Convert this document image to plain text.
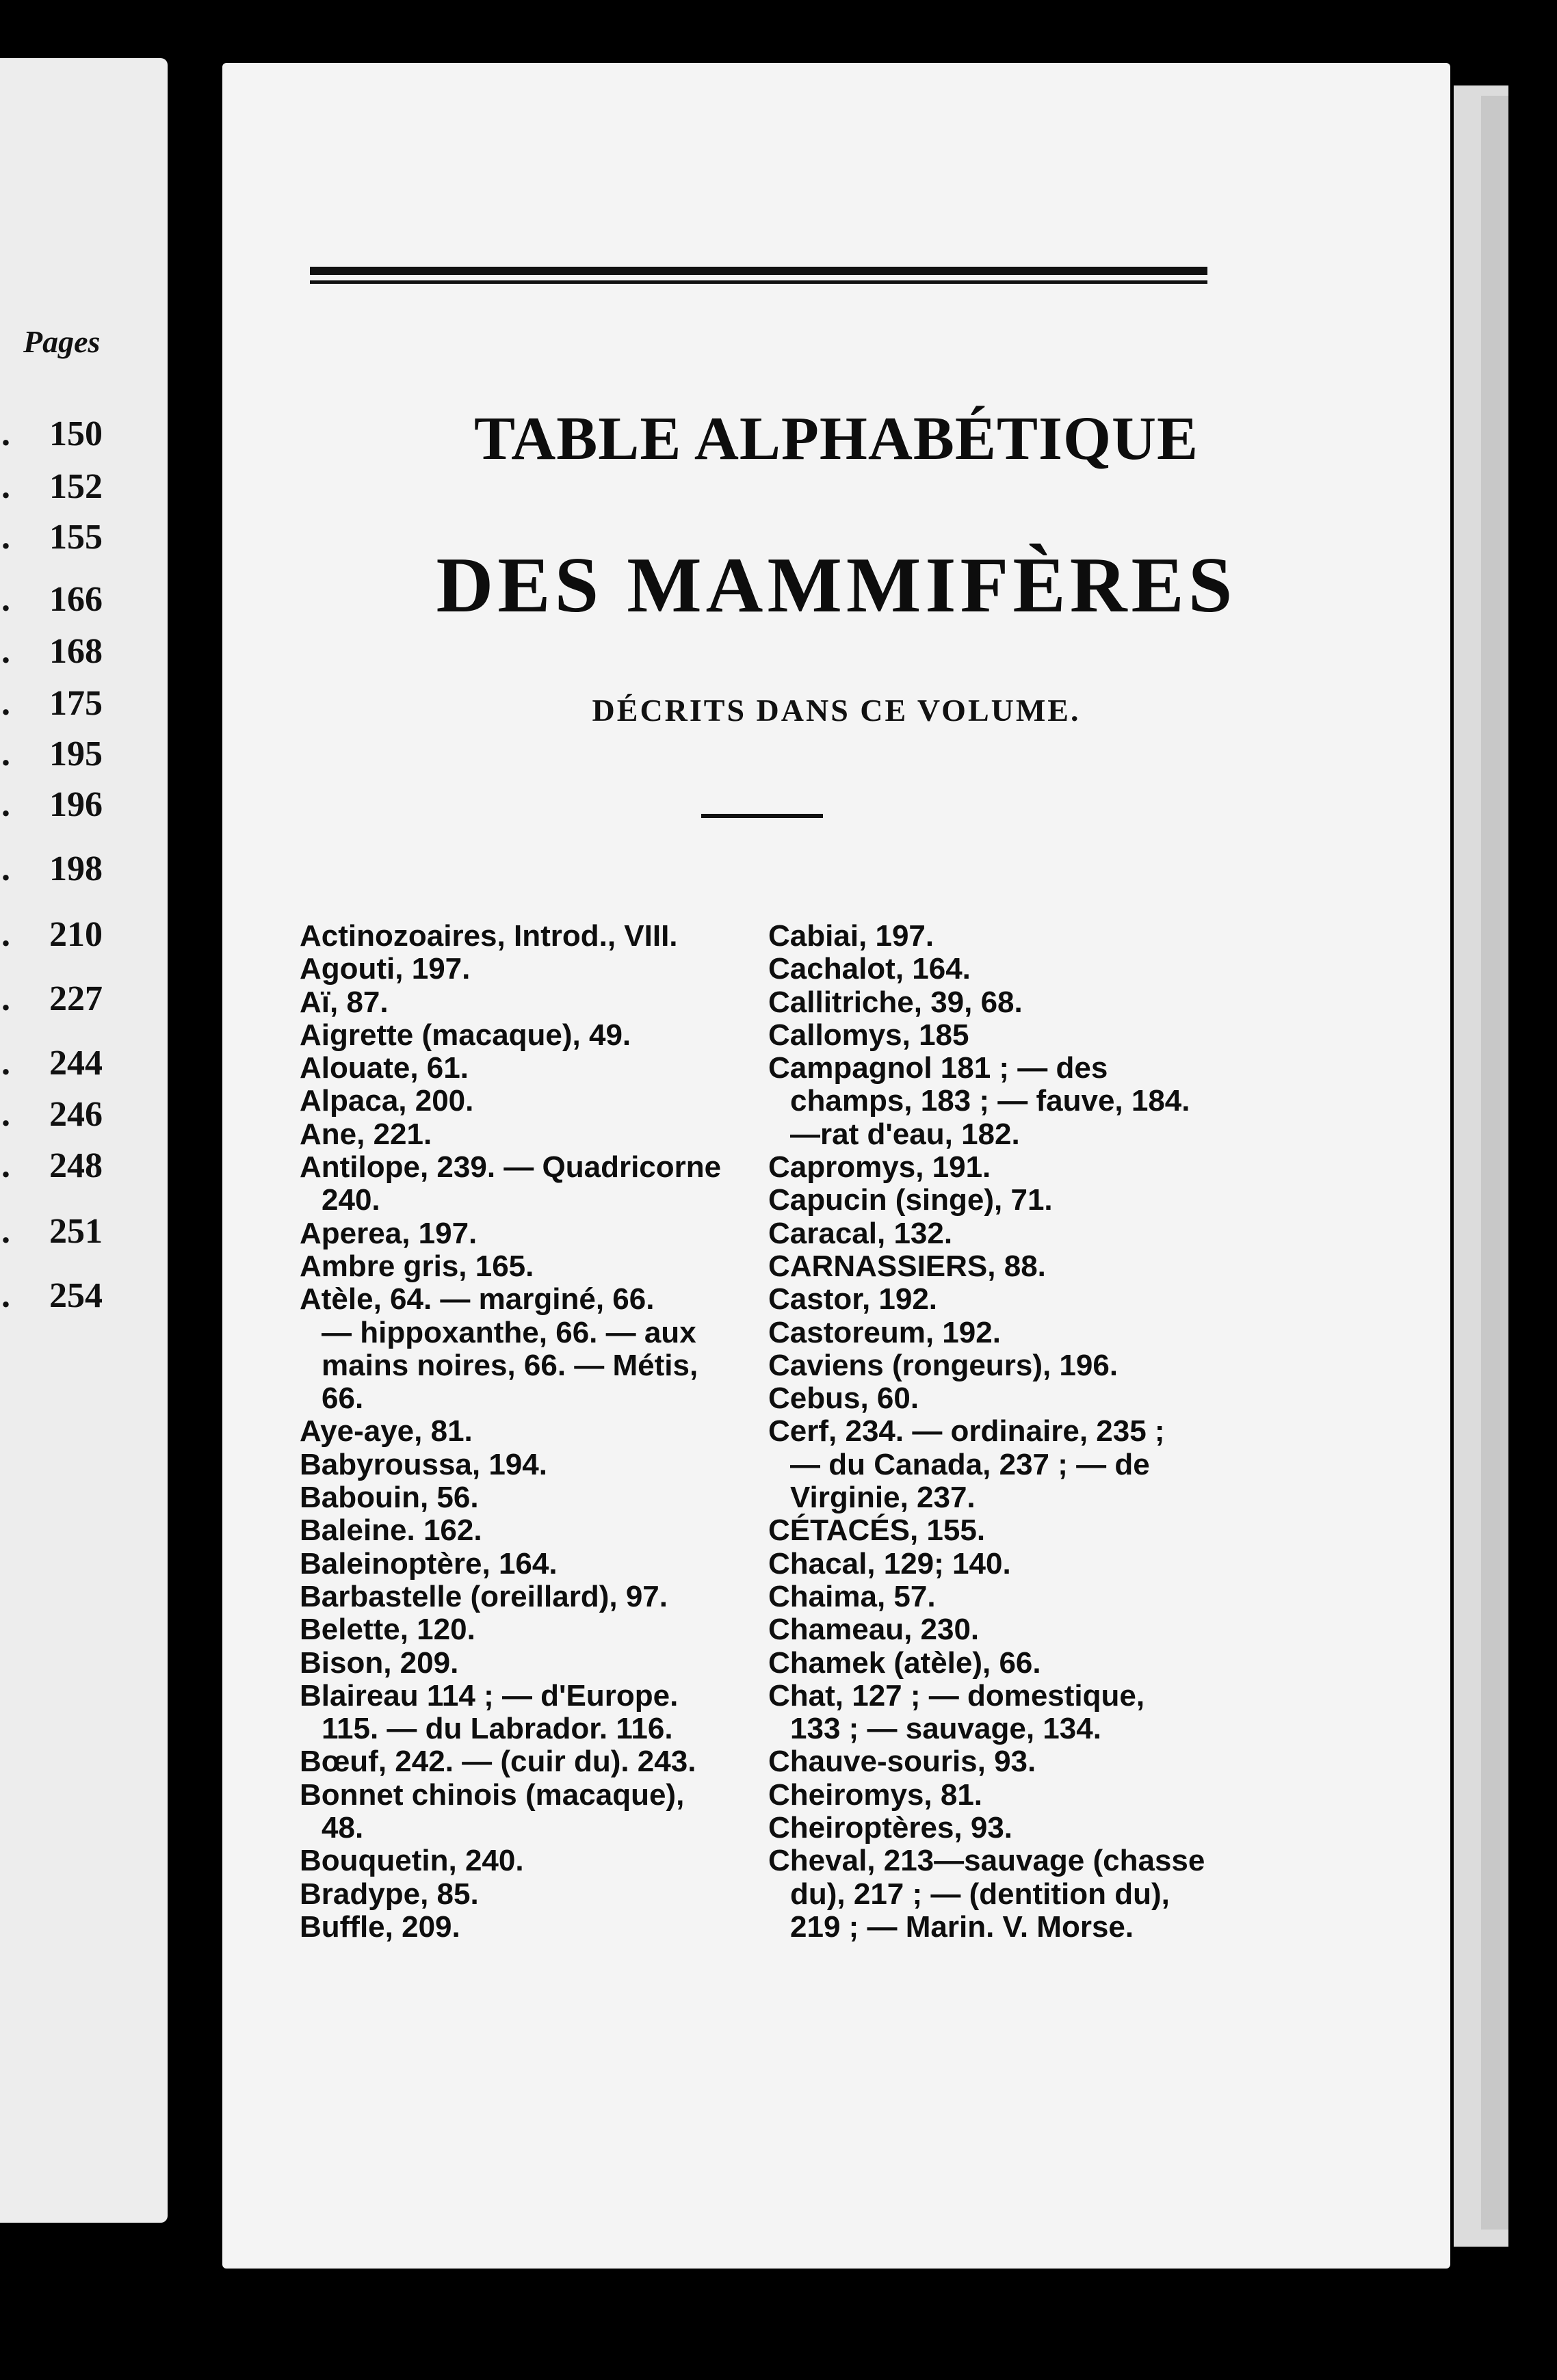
Pages
. 150
. 152
. 155
. 166
. 168
. 175
. 195
. 196
. 198
. 210
. 227
. 244
. 246
. 248
. 251
. 254
TABLE ALPHABÉTIQUE
DES MAMMIFÈRES
DÉCRITS DANS CE VOLUME.

Actinozoaires, Introd., VIII.

Agouti, 197.

Aï, 87.

Aigrette (macaque), 49.

Alouate, 61.

Alpaca, 200.

Ane, 221.

Antilope, 239. — Quadricorne
240.

Aperea, 197.

Ambre gris, 165.

Atèle, 64. — marginé, 66.
— hippoxanthe, 66. — aux
mains noires, 66. — Métis,
66.

Aye-aye, 81.

Babyroussa, 194.

Babouin, 56.

Baleine. 162.

Baleinoptère, 164.

Barbastelle (oreillard), 97.

Belette, 120.

Bison, 209.

Blaireau 114 ; — d'Europe.
115. — du Labrador. 116.

Bœuf, 242. — (cuir du). 243.

Bonnet chinois (macaque),
48.

Bouquetin, 240.

Bradype, 85.

Buffle, 209.

Cabiai, 197.

Cachalot, 164.

Callitriche, 39, 68.

Callomys, 185

Campagnol 181 ; — des
champs, 183 ; — fauve, 184.
—rat d'eau, 182.

Capromys, 191.

Capucin (singe), 71.

Caracal, 132.

CARNASSIERS, 88.

Castor, 192.

Castoreum, 192.

Caviens (rongeurs), 196.

Cebus, 60.

Cerf, 234. — ordinaire, 235 ;
— du Canada, 237 ; — de
Virginie, 237.

CÉTACÉS, 155.

Chacal, 129; 140.

Chaima, 57.

Chameau, 230.

Chamek (atèle), 66.

Chat, 127 ; — domestique,
133 ; — sauvage, 134.

Chauve-souris, 93.

Cheiromys, 81.

Cheiroptères, 93.

Cheval, 213—sauvage (chasse
du), 217 ; — (dentition du),
219 ; — Marin. V. Morse.
